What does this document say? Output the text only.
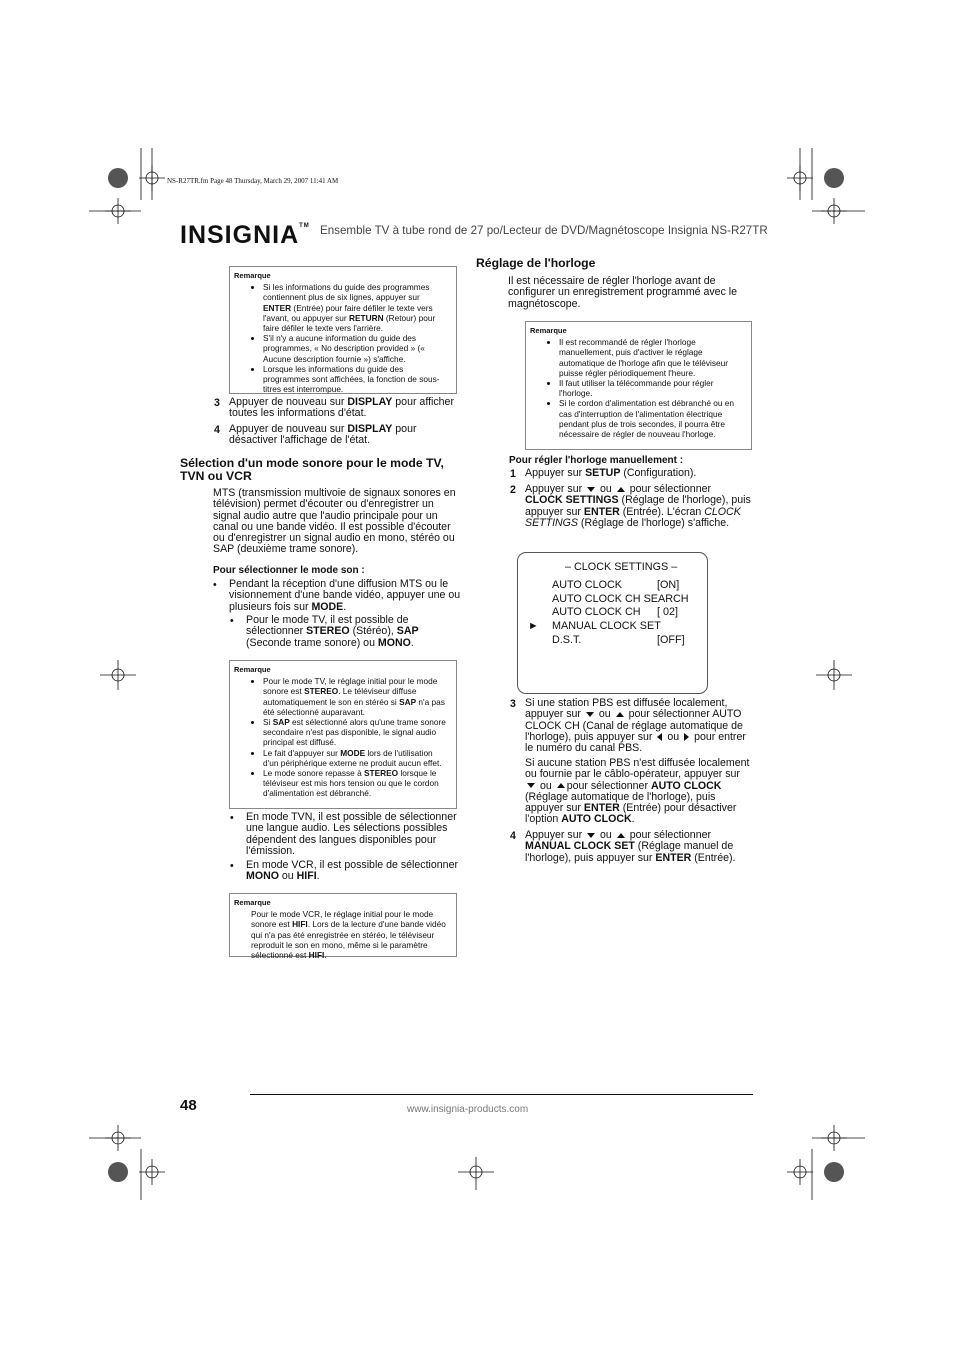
NS-R27TR.fm Page 48 Thursday, March 29, 2007 11:41 AM
INSIGNIA™ Ensemble TV à tube rond de 27 po/Lecteur de DVD/Magnétoscope Insignia NS-R27TR
Remarque
• Si les informations du guide des programmes contiennent plus de six lignes, appuyer sur ENTER (Entrée) pour faire défiler le texte vers l'avant, ou appuyer sur RETURN (Retour) pour faire défiler le texte vers l'arrière.
• S'il n'y a aucune information du guide des programmes, « No description provided » (« Aucune description fournie ») s'affiche.
• Lorsque les informations du guide des programmes sont affichées, la fonction de sous-titres est interrompue.
3 Appuyer de nouveau sur DISPLAY pour afficher toutes les informations d'état.
4 Appuyer de nouveau sur DISPLAY pour désactiver l'affichage de l'état.
Sélection d'un mode sonore pour le mode TV, TVN ou VCR
MTS (transmission multivoie de signaux sonores en télévision) permet d'écouter ou d'enregistrer un signal audio autre que l'audio principale pour un canal ou une bande vidéo. Il est possible d'écouter ou d'enregistrer un signal audio en mono, stéréo ou SAP (deuxième trame sonore).
Pour sélectionner le mode son :
• Pendant la réception d'une diffusion MTS ou le visionnement d'une bande vidéo, appuyer une ou plusieurs fois sur MODE.
• Pour le mode TV, il est possible de sélectionner STEREO (Stéréo), SAP (Seconde trame sonore) ou MONO.
Remarque
• Pour le mode TV, le réglage initial pour le mode sonore est STEREO. Le téléviseur diffuse automatiquement le son en stéréo si SAP n'a pas été sélectionné auparavant.
• Si SAP est sélectionné alors qu'une trame sonore secondaire n'est pas disponible, le signal audio principal est diffusé.
• Le fait d'appuyer sur MODE lors de l'utilisation d'un périphérique externe ne produit aucun effet.
• Le mode sonore repasse à STEREO lorsque le téléviseur est mis hors tension ou que le cordon d'alimentation est débranché.
• En mode TVN, il est possible de sélectionner une langue audio. Les sélections possibles dépendent des langues disponibles pour l'émission.
• En mode VCR, il est possible de sélectionner MONO ou HIFI.
Remarque

Pour le mode VCR, le réglage initial pour le mode sonore est HIFI. Lors de la lecture d'une bande vidéo qui n'a pas été enregistrée en stéréo, le téléviseur reproduit le son en mono, même si le paramètre sélectionné est HIFI.

Réglage de l'horloge
Il est nécessaire de régler l'horloge avant de configurer un enregistrement programmé avec le magnétoscope.
Remarque
• Il est recommandé de régler l'horloge manuellement, puis d'activer le réglage automatique de l'horloge afin que le téléviseur puisse régler périodiquement l'heure.
• Il faut utiliser la télécommande pour régler l'horloge.
• Si le cordon d'alimentation est débranché ou en cas d'interruption de l'alimentation électrique pendant plus de trois secondes, il pourra être nécessaire de régler de nouveau l'horloge.
Pour régler l'horloge manuellement :
1 Appuyer sur SETUP (Configuration).
2 Appuyer sur ou pour sélectionner CLOCK SETTINGS (Réglage de l'horloge), puis appuyer sur ENTER (Entrée). L'écran CLOCK SETTINGS (Réglage de l'horloge) s'affiche.
– CLOCK SETTINGS –
AUTO CLOCK	[ON]
AUTO CLOCK CH SEARCH
AUTO CLOCK CH [ 02]
► MANUAL CLOCK SET
D.S.T.	[OFF]
3 Si une station PBS est diffusée localement, appuyer sur ou pour sélectionner AUTO CLOCK CH (Canal de réglage automatique de l'horloge), puis appuyer sur ou pour entrer le numéro du canal PBS.
Si aucune station PBS n'est diffusée localement ou fournie par le câblo-opérateur, appuyer sur  ou pour sélectionner AUTO CLOCK (Réglage automatique de l'horloge), puis appuyer sur ENTER (Entrée) pour désactiver l'option AUTO CLOCK.
4 Appuyer sur ou pour sélectionner MANUAL CLOCK SET (Réglage manuel de l'horloge), puis appuyer sur ENTER (Entrée).
48	www.insignia-products.com
